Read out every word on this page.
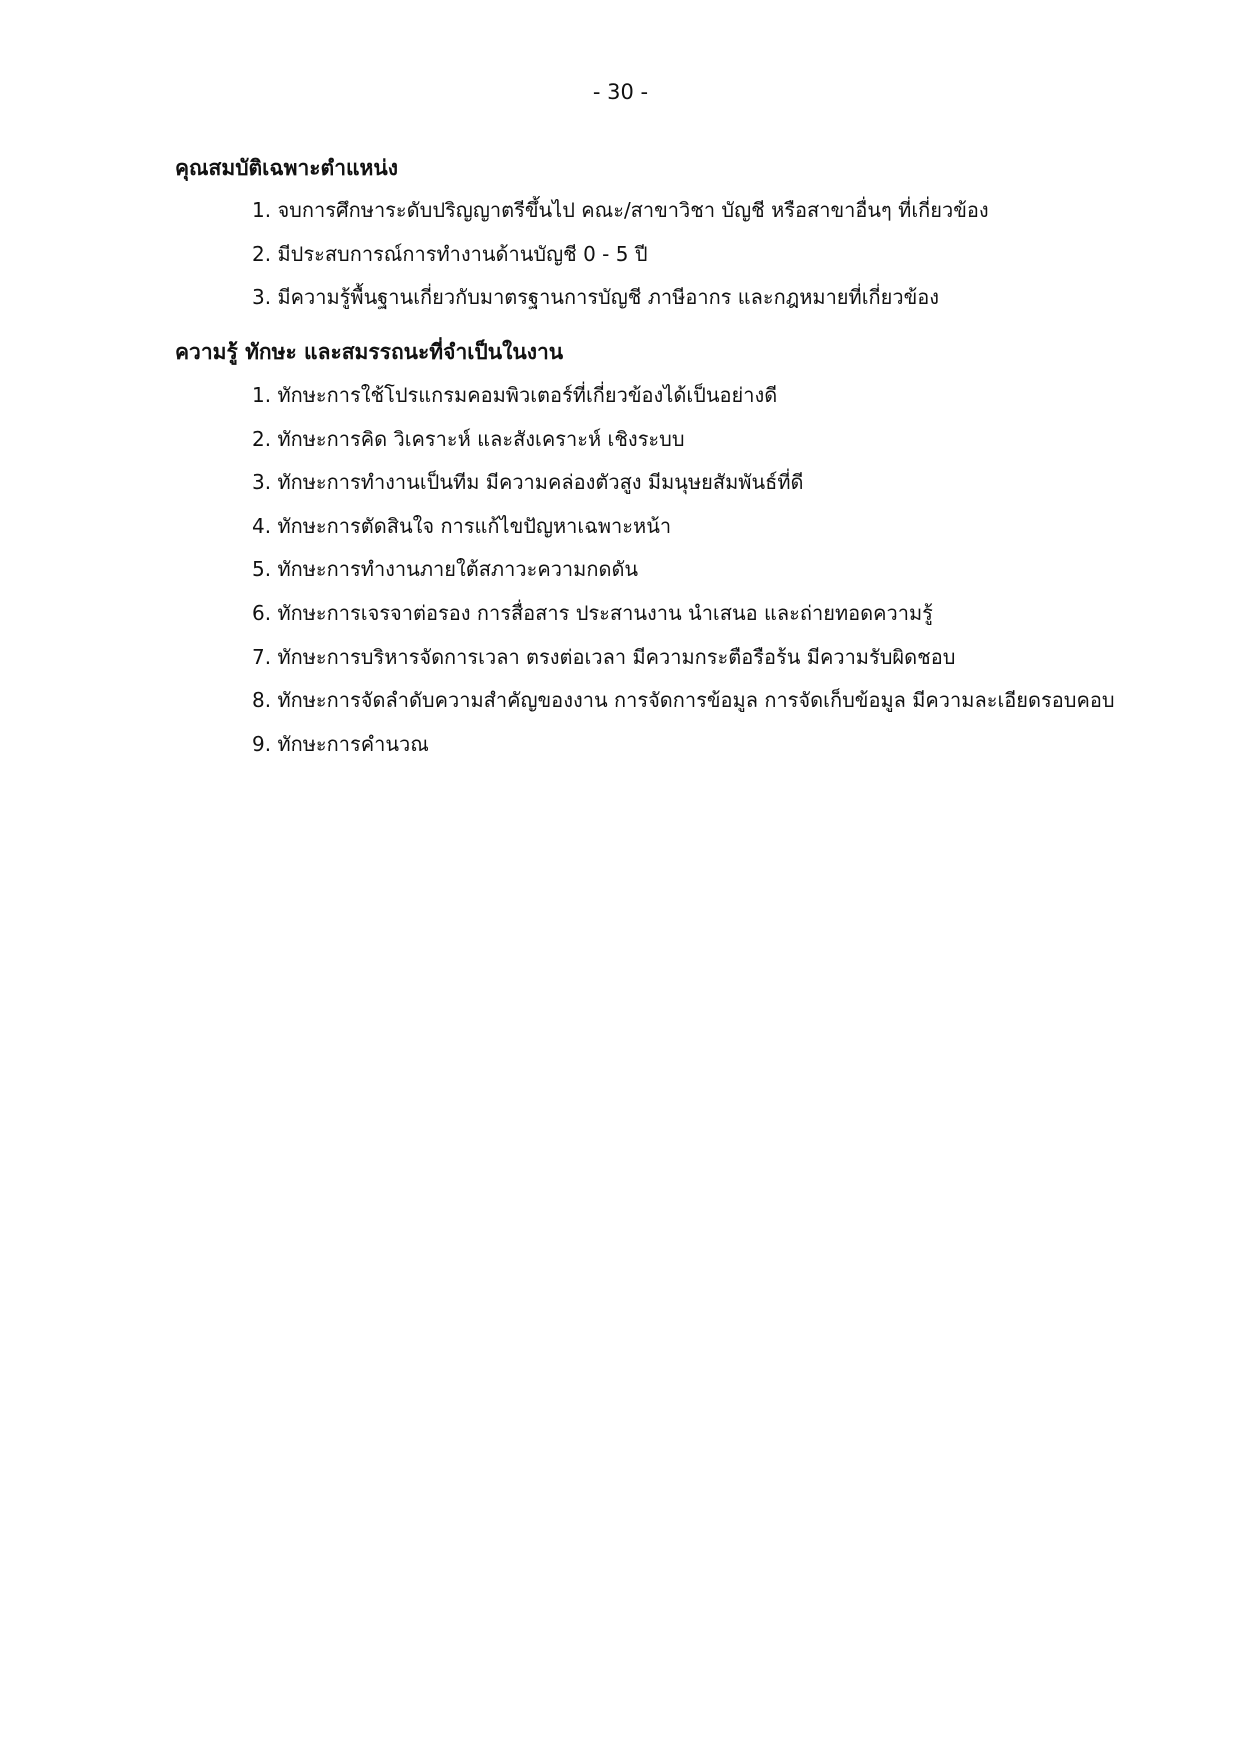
- 30 -
คุณสมบัติเฉพาะตำแหน่ง
1. จบการศึกษาระดับปริญญาตรีขึ้นไป คณะ/สาขาวิชา บัญชี หรือสาขาอื่นๆ ที่เกี่ยวข้อง
2. มีประสบการณ์การทำงานด้านบัญชี 0 - 5 ปี
3. มีความรู้พื้นฐานเกี่ยวกับมาตรฐานการบัญชี ภาษีอากร และกฎหมายที่เกี่ยวข้อง
ความรู้ ทักษะ และสมรรถนะที่จำเป็นในงาน
1. ทักษะการใช้โปรแกรมคอมพิวเตอร์ที่เกี่ยวข้องได้เป็นอย่างดี
2. ทักษะการคิด วิเคราะห์ และสังเคราะห์ เชิงระบบ
3. ทักษะการทำงานเป็นทีม มีความคล่องตัวสูง มีมนุษยสัมพันธ์ที่ดี
4. ทักษะการตัดสินใจ การแก้ไขปัญหาเฉพาะหน้า
5. ทักษะการทำงานภายใต้สภาวะความกดดัน
6. ทักษะการเจรจาต่อรอง การสื่อสาร ประสานงาน นำเสนอ และถ่ายทอดความรู้
7. ทักษะการบริหารจัดการเวลา ตรงต่อเวลา มีความกระตือรือร้น มีความรับผิดชอบ
8. ทักษะการจัดลำดับความสำคัญของงาน การจัดการข้อมูล การจัดเก็บข้อมูล มีความละเอียดรอบคอบ
9. ทักษะการคำนวณ
